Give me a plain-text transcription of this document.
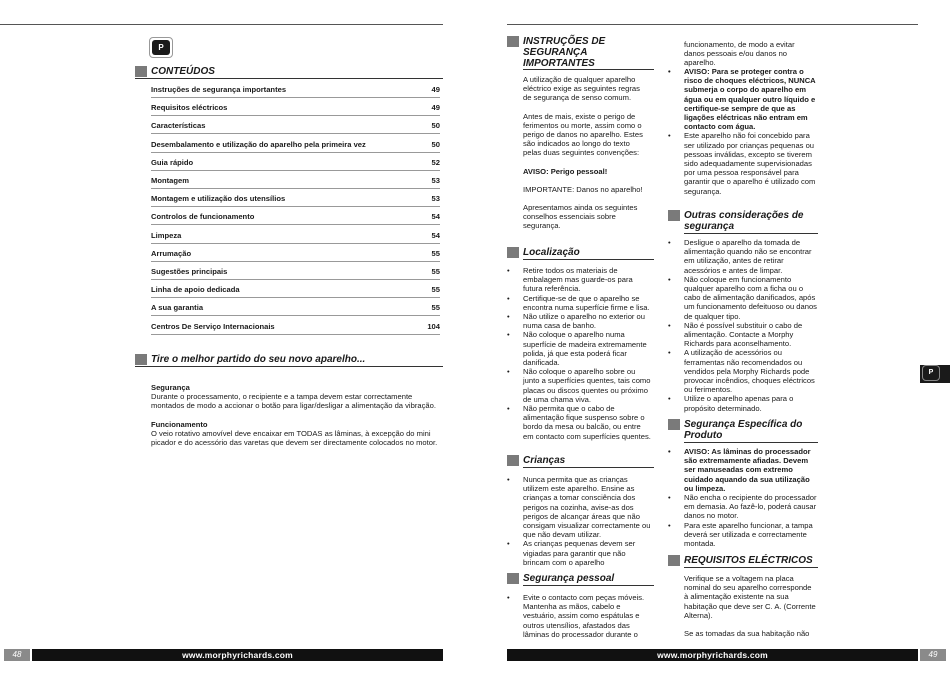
P
CONTEÚDOS
Instruções de segurança importantes	49
Requisitos eléctricos	49
Características	50
Desembalamento e utilização do aparelho pela primeira vez	50
Guia rápido	52
Montagem	53
Montagem e utilização dos utensílios	53
Controlos de funcionamento	54
Limpeza	54
Arrumação	55
Sugestões principais	55
Linha de apoio dedicada	55
A sua garantia	55
Centros De Serviço Internacionais	104
Tire o melhor partido do seu novo aparelho...

Segurança

Durante o processamento, o recipiente e a tampa devem estar correctamente montados de modo a accionar o botão para ligar/desligar a alimentação da vibração.

Funcionamento

O veio rotativo amovível deve encaixar em TODAS as lâminas, à excepção do mini picador e do acessório das varetas que devem ser directamente colocados no motor.

48	www.morphyrichards.com
INSTRUÇÕES DE SEGURANÇA IMPORTANTES

A utilização de qualquer aparelho eléctrico exige as seguintes regras de segurança de senso comum.

Antes de mais, existe o perigo de ferimentos ou morte, assim como o perigo de danos no aparelho. Estes são indicados ao longo do texto pelas duas seguintes convenções:

AVISO: Perigo pessoal!

IMPORTANTE: Danos no aparelho!

Apresentamos ainda os seguintes conselhos essenciais sobre segurança.

Localização
• Retire todos os materiais de embalagem mas guarde-os para futura referência.
• Certifique-se de que o aparelho se encontra numa superfície firme e lisa.
• Não utilize o aparelho no exterior ou numa casa de banho.
• Não coloque o aparelho numa superfície de madeira extremamente polida, já que esta poderá ficar danificada.
• Não coloque o aparelho sobre ou junto a superfícies quentes, tais como placas ou discos quentes ou próximo de uma chama viva.
• Não permita que o cabo de alimentação fique suspenso sobre o bordo da mesa ou balcão, ou entre em contacto com superfícies quentes.
Crianças
• Nunca permita que as crianças utilizem este aparelho. Ensine as crianças a tomar consciência dos perigos na cozinha, avise-as dos perigos de alcançar áreas que não consigam visualizar correctamente ou que não devam utilizar.
• As crianças pequenas devem ser vigiadas para garantir que não brincam com o aparelho
Segurança pessoal
• Evite o contacto com peças móveis. Mantenha as mãos, cabelo e vestuário, assim como espátulas e outros utensílios, afastados das lâminas do processador durante o
funcionamento, de modo a evitar danos pessoais e/ou danos no aparelho.
• AVISO: Para se proteger contra o risco de choques eléctricos, NUNCA submerja o corpo do aparelho em água ou em qualquer outro líquido e certifique-se sempre de que as ligações eléctricas não entram em contacto com água.
• Este aparelho não foi concebido para ser utilizado por crianças pequenas ou pessoas inválidas, excepto se tiverem sido adequadamente supervisionadas por uma pessoa responsável para garantir que o aparelho é utilizado com segurança.
Outras considerações de segurança
• Desligue o aparelho da tomada de alimentação quando não se encontrar em utilização, antes de retirar acessórios e antes de limpar.
• Não coloque em funcionamento qualquer aparelho com a ficha ou o cabo de alimentação danificados, após um funcionamento defeituoso ou danos de qualquer tipo.
• Não é possível substituir o cabo de alimentação. Contacte a Morphy Richards para aconselhamento.
• A utilização de acessórios ou ferramentas não recomendados ou vendidos pela Morphy Richards pode provocar incêndios, choques eléctricos ou ferimentos.
• Utilize o aparelho apenas para o propósito determinado.
Segurança Específica do Produto
• AVISO: As lâminas do processador são extremamente afiadas. Devem ser manuseadas com extremo cuidado aquando da sua utilização ou limpeza.
• Não encha o recipiente do processador em demasia. Ao fazê-lo, poderá causar danos no motor.
• Para este aparelho funcionar, a tampa deverá ser utilizada e correctamente montada.
REQUISITOS ELÉCTRICOS

Verifique se a voltagem na placa nominal do seu aparelho corresponde à alimentação existente na sua habitação que deve ser C. A. (Corrente Alterna).

Se as tomadas da sua habitação não

P
www.morphyrichards.com	49
